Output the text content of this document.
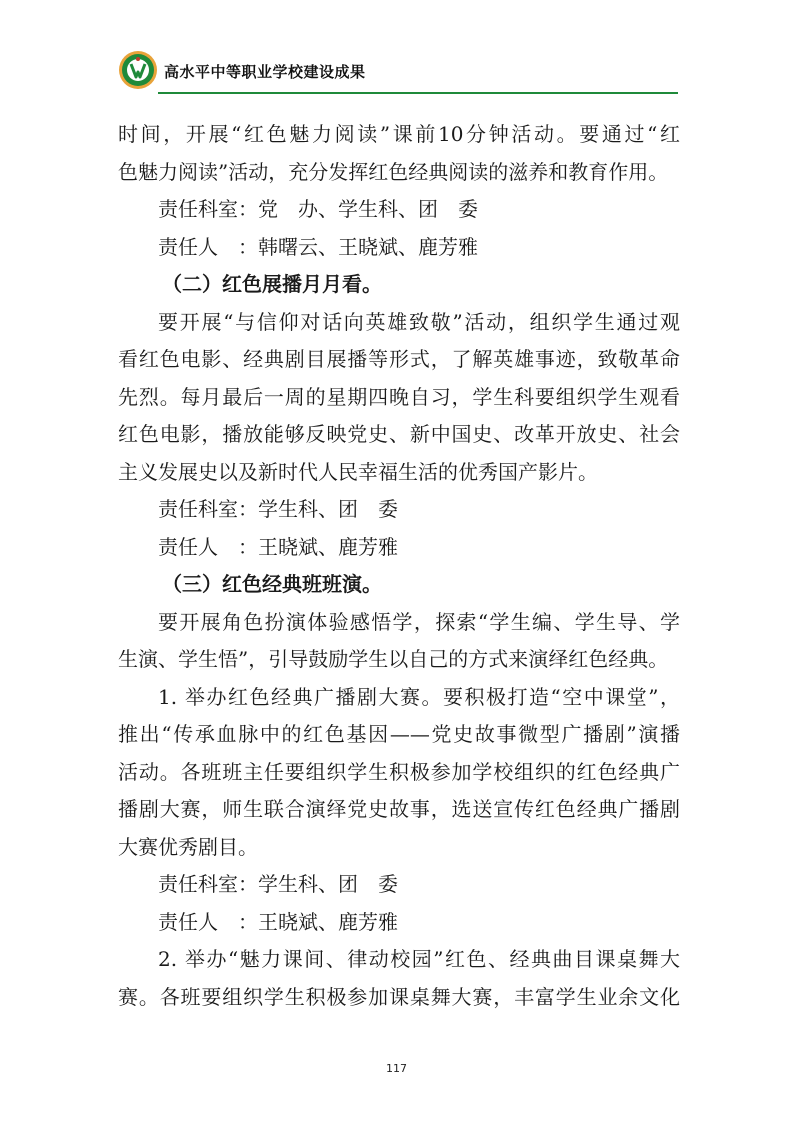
高水平中等职业学校建设成果
时间，开展“红色魅力阅读”课前10分钟活动。要通过“红
色魅力阅读”活动，充分发挥红色经典阅读的滋养和教育作用。
责任科室：党　办、学生科、团　委
责任人　：韩曙云、王晓斌、鹿芳雅
（二）红色展播月月看。
要开展“与信仰对话向英雄致敬”活动，组织学生通过观
看红色电影、经典剧目展播等形式，了解英雄事迹，致敬革命
先烈。每月最后一周的星期四晚自习，学生科要组织学生观看
红色电影，播放能够反映党史、新中国史、改革开放史、社会
主义发展史以及新时代人民幸福生活的优秀国产影片。
责任科室：学生科、团　委
责任人　：王晓斌、鹿芳雅
（三）红色经典班班演。
要开展角色扮演体验感悟学，探索“学生编、学生导、学
生演、学生悟”，引导鼓励学生以自己的方式来演绎红色经典。
1. 举办红色经典广播剧大赛。要积极打造“空中课堂”，
推出“传承血脉中的红色基因——党史故事微型广播剧”演播
活动。各班班主任要组织学生积极参加学校组织的红色经典广
播剧大赛，师生联合演绎党史故事，选送宣传红色经典广播剧
大赛优秀剧目。
责任科室：学生科、团　委
责任人　：王晓斌、鹿芳雅
2. 举办“魅力课间、律动校园”红色、经典曲目课桌舞大
赛。各班要组织学生积极参加课桌舞大赛，丰富学生业余文化
117
